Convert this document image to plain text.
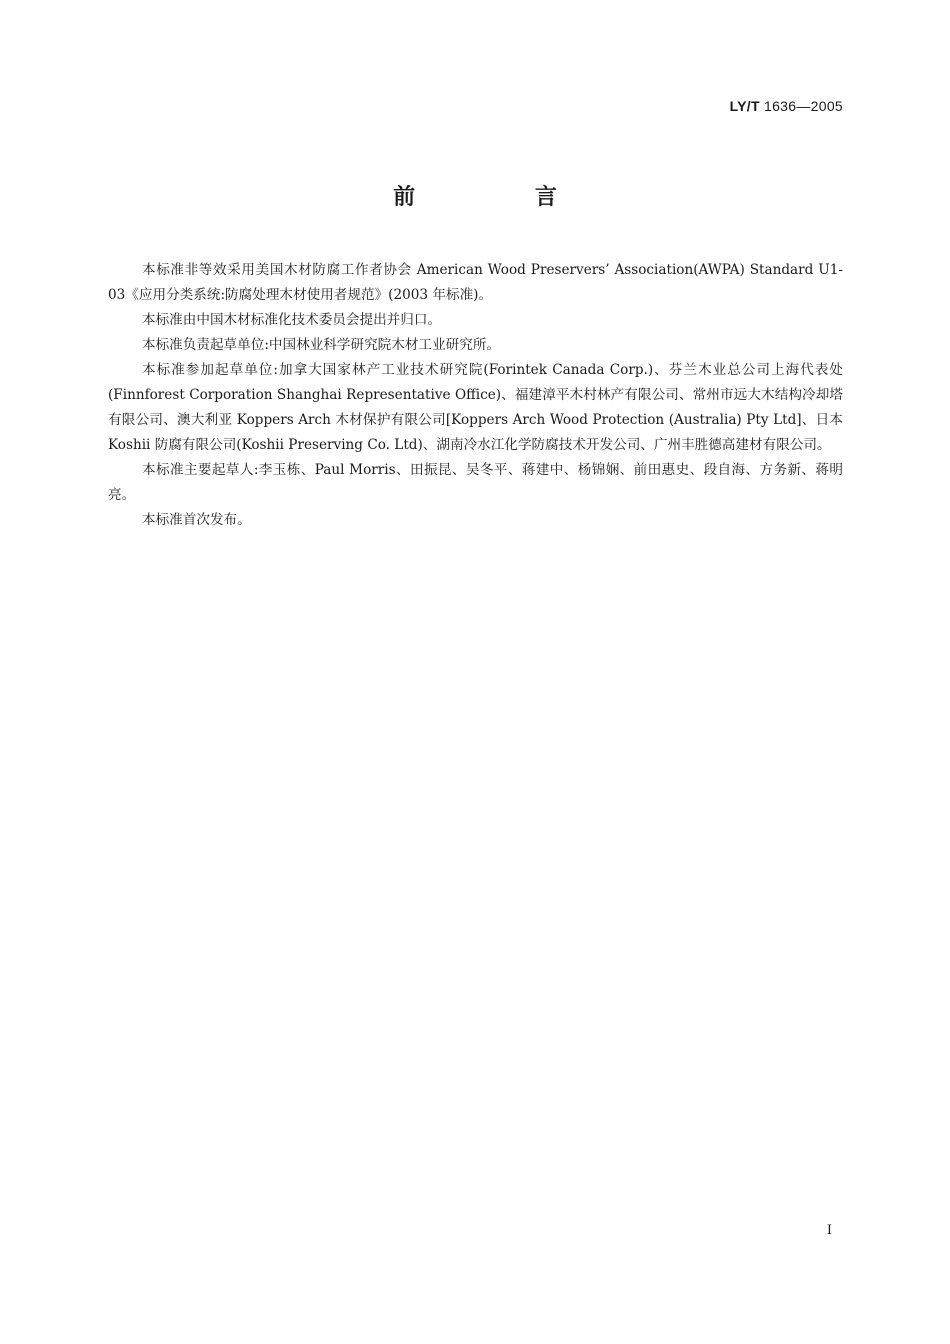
LY/T 1636—2005
前 言

本标准非等效采用美国木材防腐工作者协会 American Wood Preservers’ Association(AWPA) Standard U1-03《应用分类系统:防腐处理木材使用者规范》(2003 年标准)。

本标准由中国木材标准化技术委员会提出并归口。

本标准负责起草单位:中国林业科学研究院木材工业研究所。

本标准参加起草单位:加拿大国家林产工业技术研究院(Forintek Canada Corp.)、芬兰木业总公司上海代表处(Finnforest Corporation Shanghai Representative Office)、福建漳平木村林产有限公司、常州市远大木结构冷却塔有限公司、澳大利亚 Koppers Arch 木材保护有限公司[Koppers Arch Wood Protection (Australia) Pty Ltd]、日本 Koshii 防腐有限公司(Koshii Preserving Co. Ltd)、湖南冷水江化学防腐技术开发公司、广州丰胜德高建材有限公司。

本标准主要起草人:李玉栋、Paul Morris、田振昆、吴冬平、蒋建中、杨锦娴、前田惠史、段自海、方务新、蒋明亮。

本标准首次发布。

I
